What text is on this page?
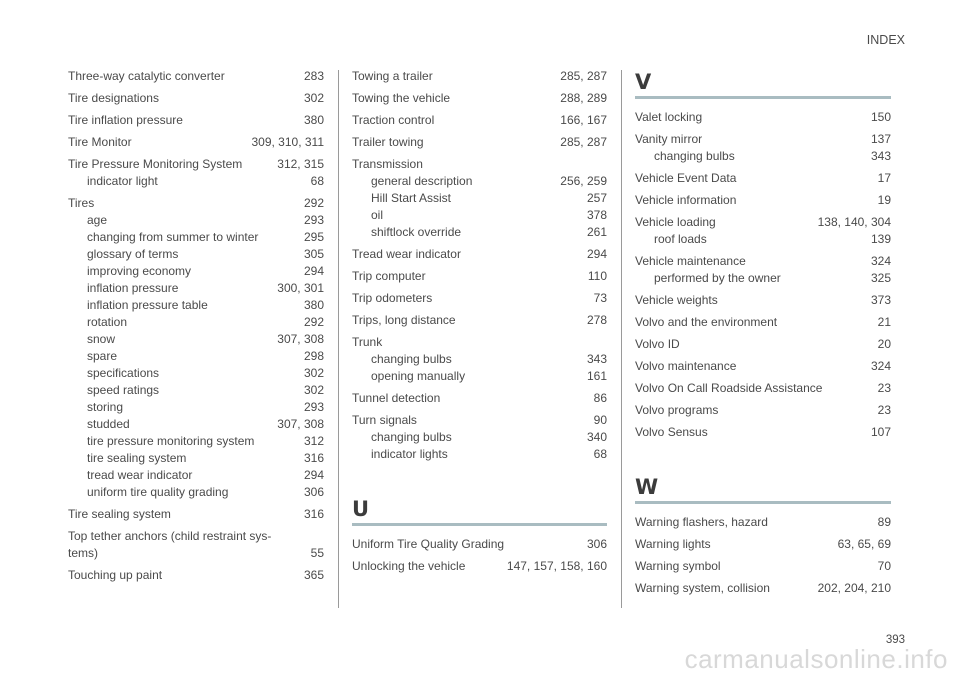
INDEX
Three-way catalytic converter	283
Tire designations	302
Tire inflation pressure	380
Tire Monitor	309, 310, 311
Tire Pressure Monitoring System	312, 315
indicator light	68
Tires	292
age	293
changing from summer to winter	295
glossary of terms	305
improving economy	294
inflation pressure	300, 301
inflation pressure table	380
rotation	292
snow	307, 308
spare	298
specifications	302
speed ratings	302
storing	293
studded	307, 308
tire pressure monitoring system	312
tire sealing system	316
tread wear indicator	294
uniform tire quality grading	306
Tire sealing system	316
Top tether anchors (child restraint sys-
tems)	55
Touching up paint	365
Towing a trailer	285, 287
Towing the vehicle	288, 289
Traction control	166, 167
Trailer towing	285, 287
Transmission
general description	256, 259
Hill Start Assist	257
oil	378
shiftlock override	261
Tread wear indicator	294
Trip computer	110
Trip odometers	73
Trips, long distance	278
Trunk
changing bulbs	343
opening manually	161
Tunnel detection	86
Turn signals	90
changing bulbs	340
indicator lights	68
U
Uniform Tire Quality Grading	306
Unlocking the vehicle	147, 157, 158, 160
V
Valet locking	150
Vanity mirror	137
changing bulbs	343
Vehicle Event Data	17
Vehicle information	19
Vehicle loading	138, 140, 304
roof loads	139
Vehicle maintenance	324
performed by the owner	325
Vehicle weights	373
Volvo and the environment	21
Volvo ID	20
Volvo maintenance	324
Volvo On Call Roadside Assistance	23
Volvo programs	23
Volvo Sensus	107
W
Warning flashers, hazard	89
Warning lights	63, 65, 69
Warning symbol	70
Warning system, collision	202, 204, 210
393
carmanualsonline.info
